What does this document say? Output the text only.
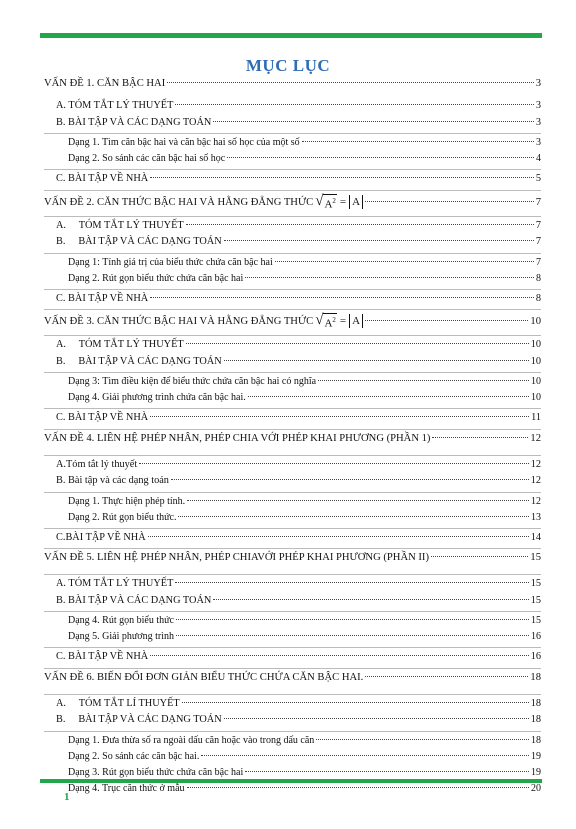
MỤC LỤC
VẤN ĐỀ 1. CĂN BẬC HAI	3
A. TÓM TẮT LÝ THUYẾT	3
B. BÀI TẬP VÀ CÁC DẠNG TOÁN	3
Dạng 1. Tìm căn bậc hai và căn bậc hai số học của một số	3
Dạng 2. So sánh các căn bậc hai số học	4
C. BÀI TẬP VỀ NHÀ	5
VẤN ĐỀ 2. CĂN THỨC BẬC HAI VÀ HẰNG ĐẲNG THỨC √ $A^2 = A$	7
A.     TÓM TẮT LÝ THUYẾT	7
B.     BÀI TẬP VÀ CÁC DẠNG TOÁN	7
Dạng 1: Tính giá trị của biểu thức chứa căn bậc hai	7
Dạng 2. Rút gọn biểu thức chứa căn bậc hai	8
C. BÀI TẬP VỀ NHÀ	8
VẤN ĐỀ 3. CĂN THỨC BẬC HAI VÀ HẰNG ĐẲNG THỨC √ $A^2 = A$	10
A.     TÓM TẮT LÝ THUYẾT	10
B.     BÀI TẬP VÀ CÁC DẠNG TOÁN	10
Dạng 3: Tìm điều kiện để biểu thức chứa căn bậc hai có nghĩa	10
Dạng 4. Giải phương trình chứa căn bậc hai.	10
C. BÀI TẬP VỀ NHÀ	11
VẤN ĐỀ 4. LIÊN HỆ PHÉP NHÂN, PHÉP CHIA VỚI PHÉP KHAI PHƯƠNG (PHẦN 1)	12
A.Tóm tắt lý thuyết	12
B. Bài tập và các dạng toán	12
Dạng 1. Thực hiện phép tính.	12
Dạng 2. Rút gọn biểu thức.	13
C.BÀI TẬP VỀ NHÀ	14
VẤN ĐỀ 5. LIÊN HỆ PHÉP NHÂN, PHÉP CHIAVỚI PHÉP KHAI PHƯƠNG (PHẦN II)	15
A. TÓM TẮT LÝ THUYẾT	15
B. BÀI TẬP VÀ CÁC DẠNG TOÁN	15
Dạng 4. Rút gọn biểu thức	15
Dạng 5. Giải phương trình	16
C. BÀI TẬP VỀ NHÀ	16
VẤN ĐỀ 6. BIẾN ĐỔI ĐƠN GIẢN BIỂU THỨC CHỨA CĂN BẬC HAI.	18
A.     TÓM TẮT LÍ THUYẾT	18
B.     BÀI TẬP VÀ CÁC DẠNG TOÁN	18
Dạng 1. Đưa thừa số ra ngoài dấu căn hoặc vào trong dấu căn	18
Dạng 2. So sánh các căn bậc hai.	19
Dạng 3. Rút gọn biểu thức chứa căn bậc hai	19
Dạng 4. Trục căn thức ở mẫu	20
1
